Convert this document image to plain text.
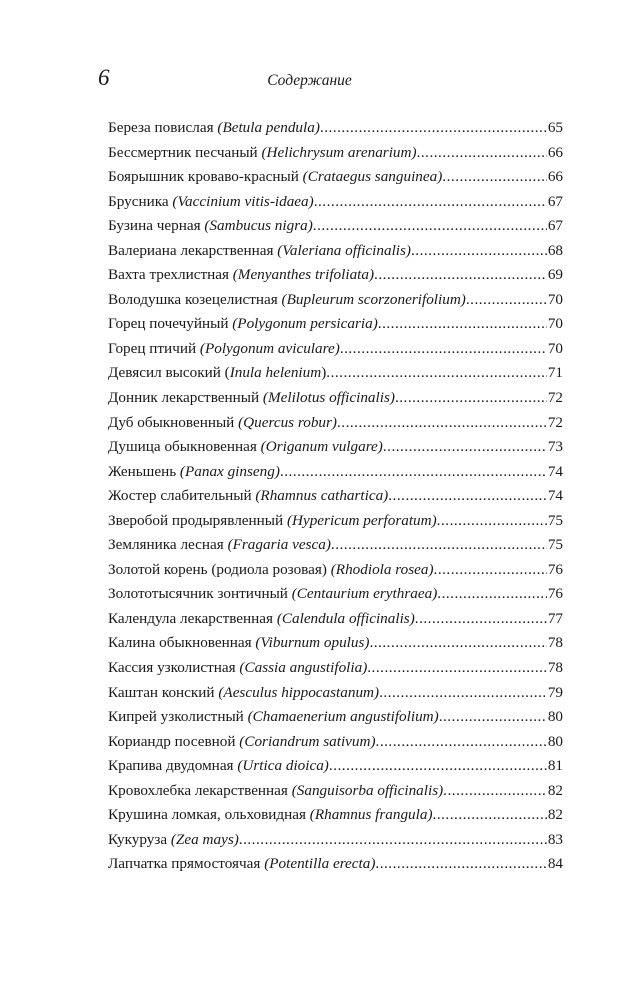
6	Содержание
Береза повислая (Betula pendula) .....	65
Бессмертник песчаный (Helichrysum arenarium) .....	66
Боярышник кроваво-красный (Crataegus sanguinea) .....	66
Брусника (Vaccinium vitis-idaea) .....	67
Бузина черная (Sambucus nigra) .....	67
Валериана лекарственная (Valeriana officinalis) .....	68
Вахта трехлистная (Menyanthes trifoliata) .....	69
Володушка козецелистная (Bupleurum scorzonerifolium) .....	70
Горец почечуйный (Polygonum persicaria) .....	70
Горец птичий (Polygonum aviculare) .....	70
Девясил высокий (Inula helenium) .....	71
Донник лекарственный (Melilotus officinalis) .....	72
Дуб обыкновенный (Quercus robur) .....	72
Душица обыкновенная (Origanum vulgare) .....	73
Женьшень (Panax ginseng) .....	74
Жостер слабительный (Rhamnus cathartica) .....	74
Зверобой продырявленный (Hypericum perforatum) .....	75
Земляника лесная (Fragaria vesca) .....	75
Золотой корень (родиола розовая) (Rhodiola rosea) .....	76
Золототысячник зонтичный (Centaurium erythraea) .....	76
Календула лекарственная (Calendula officinalis) .....	77
Калина обыкновенная (Viburnum opulus) .....	78
Кассия узколистная (Cassia angustifolia) .....	78
Каштан конский (Aesculus hippocastanum) .....	79
Кипрей узколистный (Chamaenerium angustifolium) .....	80
Кориандр посевной (Coriandrum sativum) .....	80
Крапива двудомная (Urtica dioica) .....	81
Кровохлебка лекарственная (Sanguisorba officinalis) .....	82
Крушина ломкая, ольховидная (Rhamnus frangula) .....	82
Кукуруза (Zea mays) .....	83
Лапчатка прямостоячая (Potentilla erecta) .....	84
